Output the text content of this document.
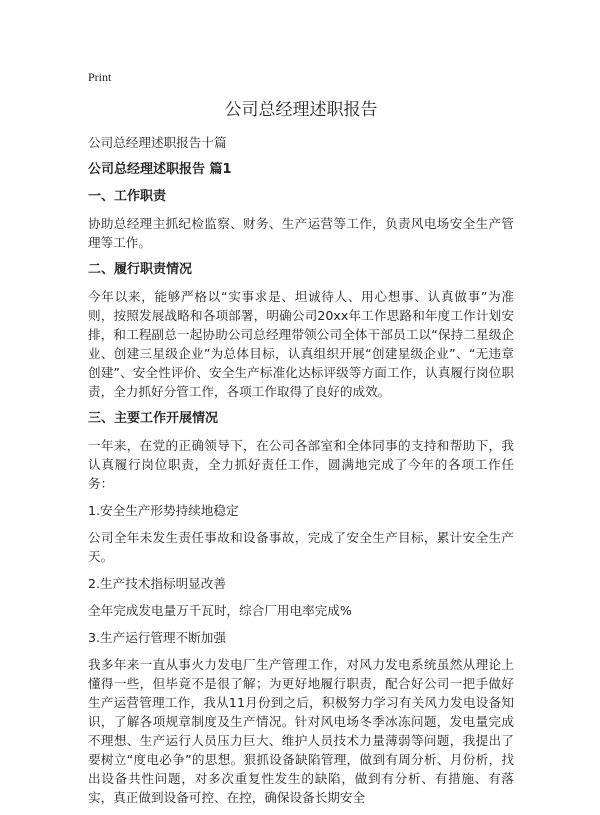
Print
公司总经理述职报告

公司总经理述职报告十篇

公司总经理述职报告 篇1
一、工作职责

协助总经理主抓纪检监察、财务、生产运营等工作，负责风电场安全生产管理等工作。

二、履行职责情况

今年以来，能够严格以“实事求是、坦诚待人、用心想事、认真做事”为准则，按照发展战略和各项部署，明确公司20xx年工作思路和年度工作计划安排，和工程副总一起协助公司总经理带领公司全体干部员工以“保持二星级企业、创建三星级企业”为总体目标，认真组织开展“创建星级企业”、“无违章创建”、安全性评价、安全生产标准化达标评级等方面工作，认真履行岗位职责，全力抓好分管工作，各项工作取得了良好的成效。

三、主要工作开展情况

一年来，在党的正确领导下，在公司各部室和全体同事的支持和帮助下，我认真履行岗位职责，全力抓好责任工作，圆满地完成了今年的各项工作任务：

1.安全生产形势持续地稳定

公司全年未发生责任事故和设备事故，完成了安全生产目标，累计安全生产天。

2.生产技术指标明显改善

全年完成发电量万千瓦时，综合厂用电率完成%

3.生产运行管理不断加强

我多年来一直从事火力发电厂生产管理工作，对风力发电系统虽然从理论上懂得一些，但毕竟不是很了解；为更好地履行职责，配合好公司一把手做好生产运营管理工作，我从11月份到之后，积极努力学习有关风力发电设备知识，了解各项规章制度及生产情况。针对风电场冬季冰冻问题，发电量完成不理想、生产运行人员压力巨大、维护人员技术力量薄弱等问题，我提出了要树立“度电必争”的思想。狠抓设备缺陷管理，做到有周分析、月份析，找出设备共性问题，对多次重复性发生的缺陷，做到有分析、有措施、有落实，真正做到设备可控、在控，确保设备长期安全
